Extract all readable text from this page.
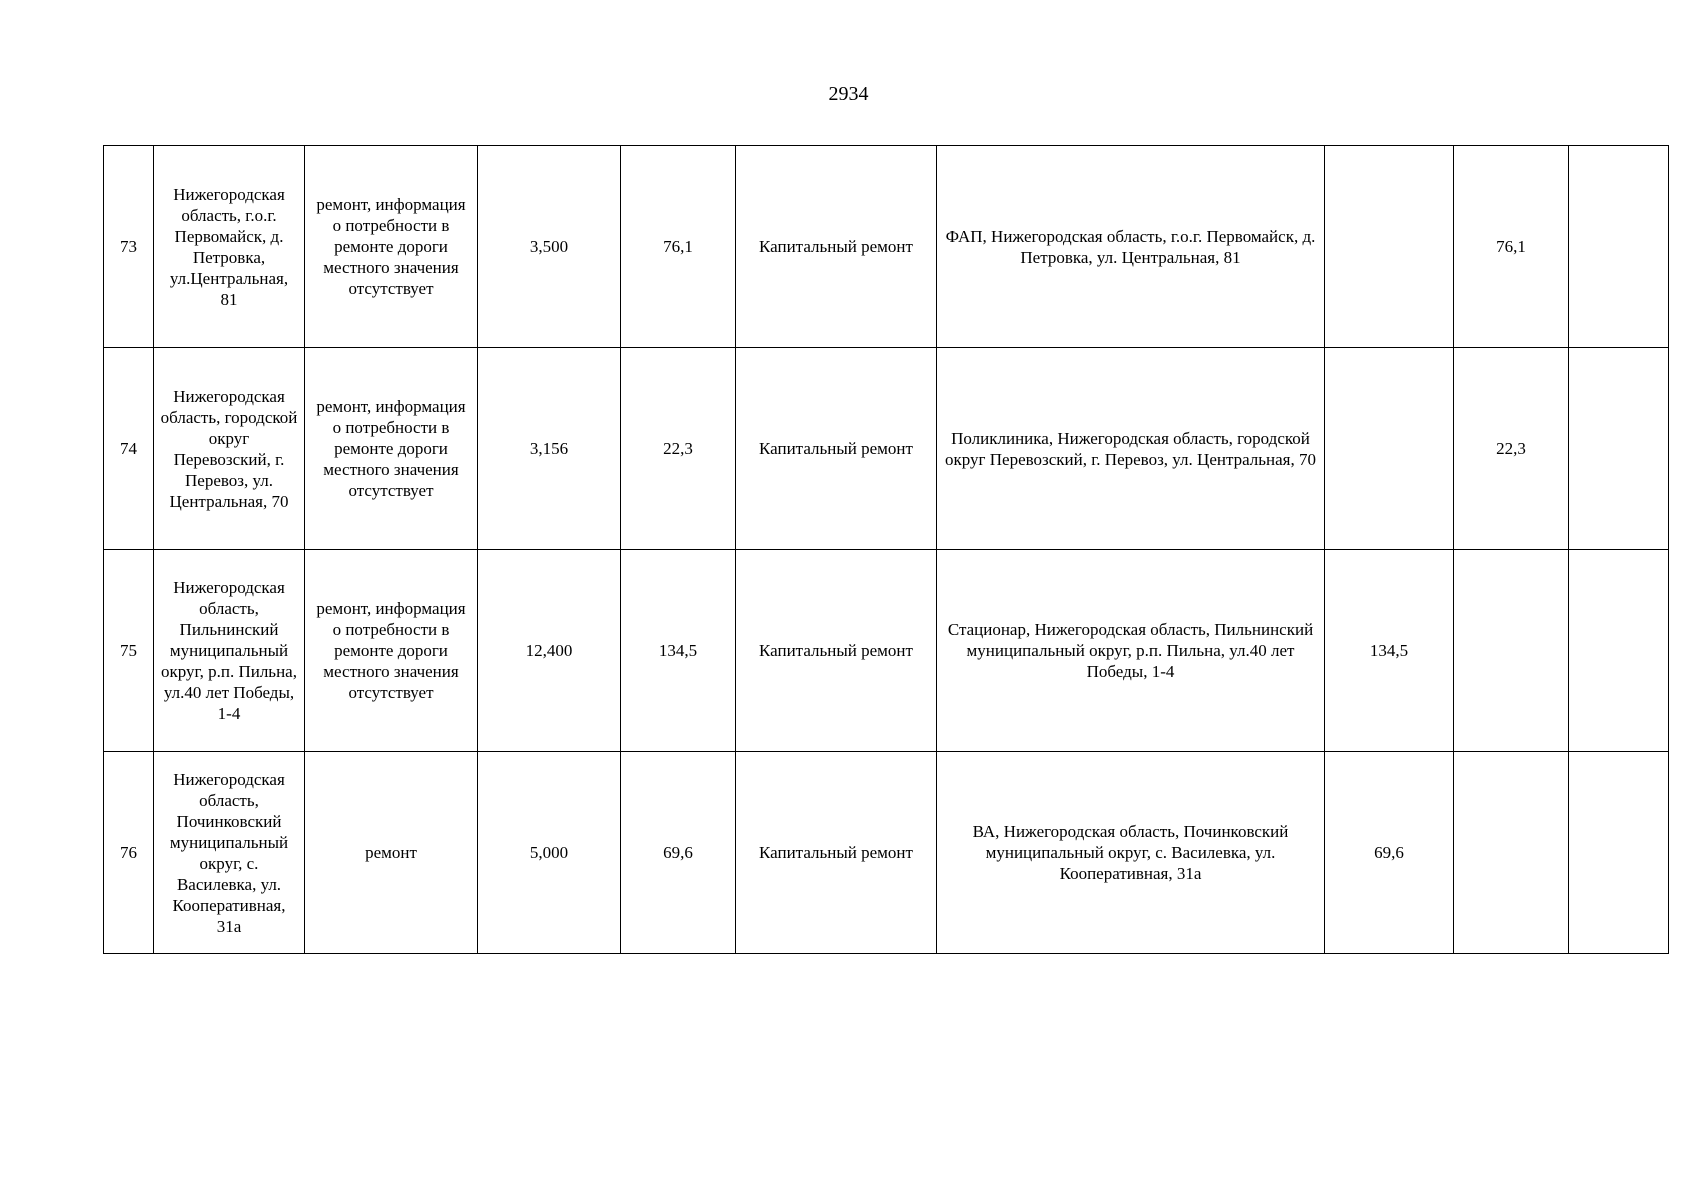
2934
73	Нижегородская область, г.о.г. Первомайск, д. Петровка, ул.Центральная, 81	ремонт, информация о потребности в ремонте дороги местного значения отсутствует	3,500	76,1	Капитальный ремонт	ФАП, Нижегородская область, г.о.г. Первомайск, д. Петровка, ул. Центральная, 81		76,1	
74	Нижегородская область, городской округ Перевозский, г. Перевоз, ул. Центральная, 70	ремонт, информация о потребности в ремонте дороги местного значения отсутствует	3,156	22,3	Капитальный ремонт	Поликлиника, Нижегородская область, городской округ Перевозский, г. Перевоз, ул. Центральная, 70		22,3	
75	Нижегородская область, Пильнинский муниципальный округ, р.п. Пильна, ул.40 лет Победы, 1-4	ремонт, информация о потребности в ремонте дороги местного значения отсутствует	12,400	134,5	Капитальный ремонт	Стационар, Нижегородская область, Пильнинский муниципальный округ, р.п. Пильна, ул.40 лет Победы, 1-4	134,5		
76	Нижегородская область, Починковский муниципальный округ, с. Василевка, ул. Кооперативная, 31а	ремонт	5,000	69,6	Капитальный ремонт	ВА, Нижегородская область, Починковский муниципальный округ, с. Василевка, ул. Кооперативная, 31а	69,6		
